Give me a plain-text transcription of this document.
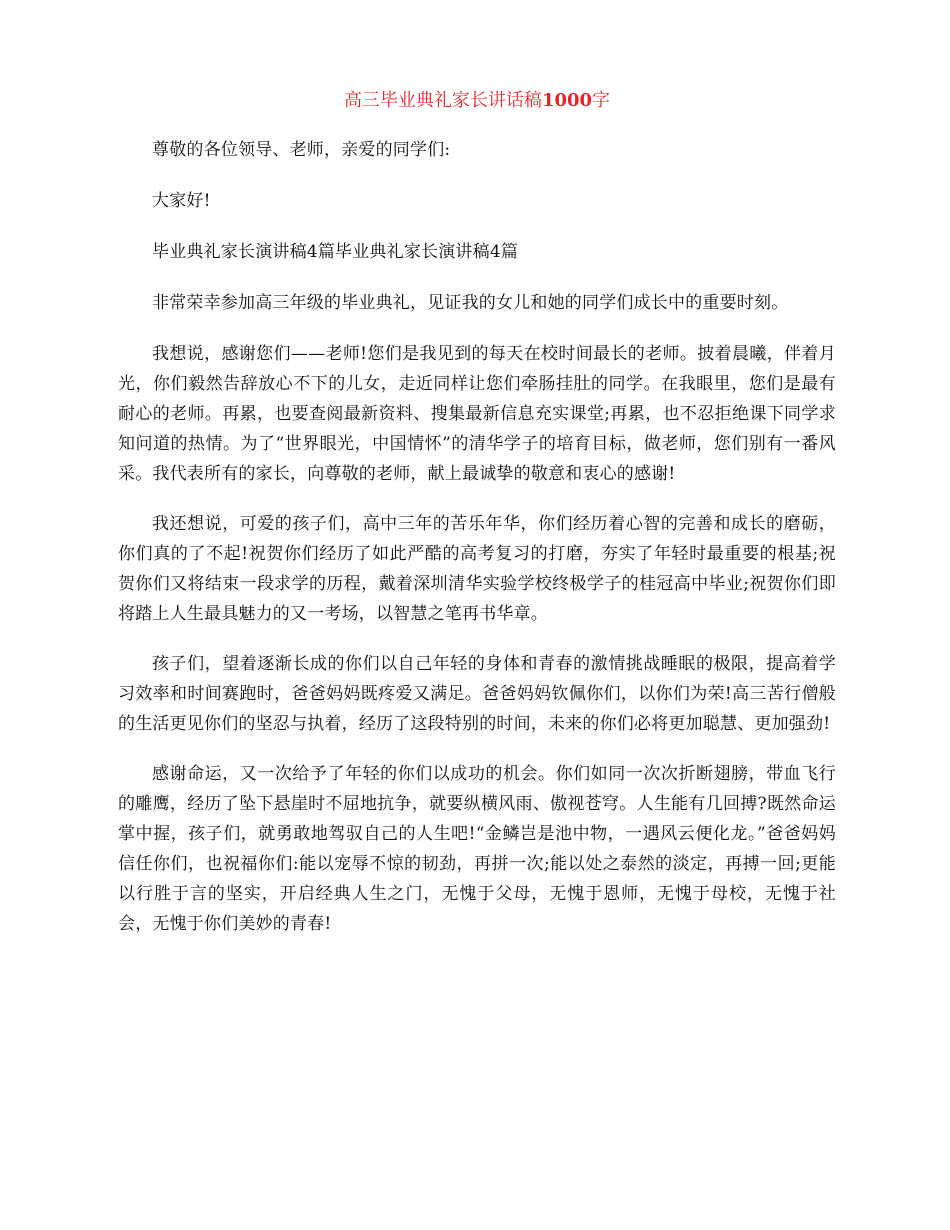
高三毕业典礼家长讲话稿1000字

尊敬的各位领导、老师，亲爱的同学们:

大家好!

毕业典礼家长演讲稿4篇毕业典礼家长演讲稿4篇

非常荣幸参加高三年级的毕业典礼，见证我的女儿和她的同学们成长中的重要时刻。

我想说，感谢您们——老师!您们是我见到的每天在校时间最长的老师。披着晨曦，伴着月光，你们毅然告辞放心不下的儿女，走近同样让您们牵肠挂肚的同学。在我眼里，您们是最有耐心的老师。再累，也要查阅最新资料、搜集最新信息充实课堂;再累，也不忍拒绝课下同学求知问道的热情。为了“世界眼光，中国情怀”的清华学子的培育目标，做老师，您们别有一番风采。我代表所有的家长，向尊敬的老师，献上最诚挚的敬意和衷心的感谢!

我还想说，可爱的孩子们，高中三年的苦乐年华，你们经历着心智的完善和成长的磨砺，你们真的了不起!祝贺你们经历了如此严酷的高考复习的打磨，夯实了年轻时最重要的根基;祝贺你们又将结束一段求学的历程，戴着深圳清华实验学校终极学子的桂冠高中毕业;祝贺你们即将踏上人生最具魅力的又一考场，以智慧之笔再书华章。

孩子们，望着逐渐长成的你们以自己年轻的身体和青春的激情挑战睡眠的极限，提高着学习效率和时间赛跑时，爸爸妈妈既疼爱又满足。爸爸妈妈钦佩你们，以你们为荣!高三苦行僧般的生活更见你们的坚忍与执着，经历了这段特别的时间，未来的你们必将更加聪慧、更加强劲!

感谢命运，又一次给予了年轻的你们以成功的机会。你们如同一次次折断翅膀，带血飞行的雕鹰，经历了坠下悬崖时不屈地抗争，就要纵横风雨、傲视苍穹。人生能有几回搏?既然命运掌中握，孩子们，就勇敢地驾驭自己的人生吧!“金鳞岂是池中物，一遇风云便化龙。”爸爸妈妈信任你们，也祝福你们:能以宠辱不惊的韧劲，再拼一次;能以处之泰然的淡定，再搏一回;更能以行胜于言的坚实，开启经典人生之门，无愧于父母，无愧于恩师，无愧于母校，无愧于社会，无愧于你们美妙的青春!
